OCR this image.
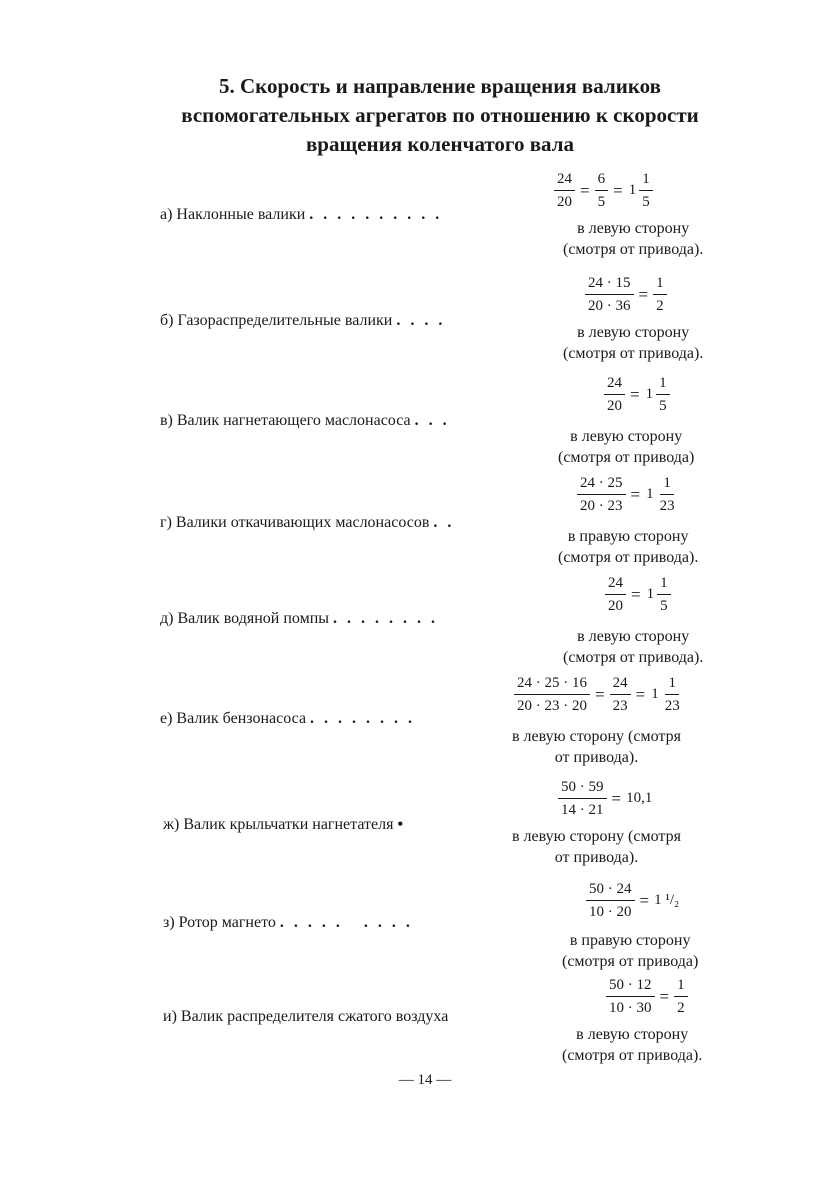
5. Скорость и направление вращения валиков
вспомогательных агрегатов по отношению к скорости
вращения коленчатого вала
а) Наклонные валики . . . . . . . . . .
$\frac{24}{20} = \frac{6}{5} = 1 \frac{1}{5}$
в левую сторону
(смотря от привода).
б) Газораспределительные валики . . . .
$\frac{24 \cdot 15}{20 \cdot 36} = \frac{1}{2}$
в левую сторону
(смотря от привода).
в) Валик нагнетающего маслонасоса . . .
$\frac{24}{20} = 1 \frac{1}{5}$
в левую сторону
(смотря от привода)
г) Валики откачивающих маслонасосов . .
$\frac{24 \cdot 25}{20 \cdot 23} = 1 \frac{1}{23}$
в правую сторону
(смотря от привода).
д) Валик водяной помпы . . . . . . . .
$\frac{24}{20} = 1 \frac{1}{5}$
в левую сторону
(смотря от привода).
е) Валик бензонасоса . . . . . . . .
$\frac{24 \cdot 25 \cdot 16}{20 \cdot 23 \cdot 20} = \frac{24}{23} = 1 \frac{1}{23}$
в левую сторону (смотря
от привода).
ж) Валик крыльчатки нагнетателя •
$\frac{50 \cdot 59}{14 \cdot 21} = 10,1$
в левую сторону (смотря
от привода).
з) Ротор магнето . . . . .   . . . .
$\frac{50 \cdot 24}{10 \cdot 20} = 1$ ¹/₂
в правую сторону
(смотря от привода)
и) Валик распределителя сжатого воздуха	$\frac{50 \cdot 12}{10 \cdot 30} = \frac{1}{2}$
в левую сторону
(смотря от привода).
— 14 —
